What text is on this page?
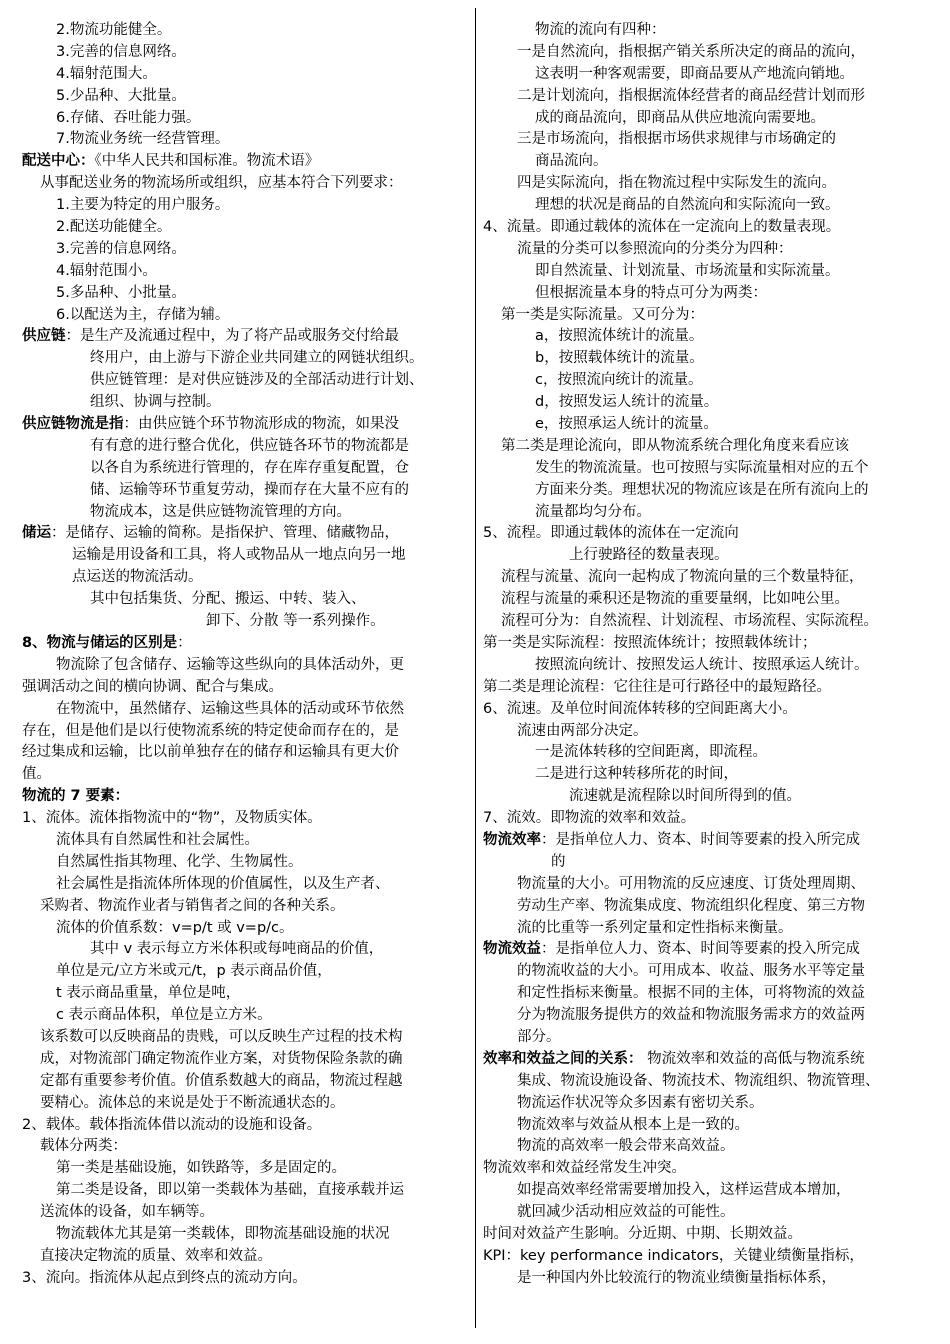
2.物流功能健全。
3.完善的信息网络。
4.辐射范围大。
5.少品种、大批量。
6.存储、吞吐能力强。
7.物流业务统一经营管理。
配送中心：《中华人民共和国标准。物流术语》
从事配送业务的物流场所或组织，应基本符合下列要求：
1.主要为特定的用户服务。
2.配送功能健全。
3.完善的信息网络。
4.辐射范围小。
5.多品种、小批量。
6.以配送为主，存储为辅。
供应链：是生产及流通过程中，为了将产品或服务交付给最
终用户，由上游与下游企业共同建立的网链状组织。
供应链管理：是对供应链涉及的全部活动进行计划、
组织、协调与控制。
供应链物流是指：由供应链个环节物流形成的物流，如果没
有有意的进行整合优化，供应链各环节的物流都是
以各自为系统进行管理的，存在库存重复配置，仓
储、运输等环节重复劳动，操而存在大量不应有的
物流成本，这是供应链物流管理的方向。
储运：是储存、运输的简称。是指保护、管理、储藏物品，
运输是用设备和工具，将人或物品从一地点向另一地
点运送的物流活动。
其中包括集货、分配、搬运、中转、装入、
卸下、分散 等一系列操作。
8、物流与储运的区别是：
物流除了包含储存、运输等这些纵向的具体活动外，更
强调活动之间的横向协调、配合与集成。
在物流中，虽然储存、运输这些具体的活动或环节依然
存在，但是他们是以行使物流系统的特定使命而存在的，是
经过集成和运输，比以前单独存在的储存和运输具有更大价
值。
物流的 7 要素：
1、流体。流体指物流中的“物”，及物质实体。
流体具有自然属性和社会属性。
自然属性指其物理、化学、生物属性。
社会属性是指流体所体现的价值属性，以及生产者、
采购者、物流作业者与销售者之间的各种关系。
流体的价值系数：v=p/t 或 v=p/c。
其中 v 表示每立方米体积或每吨商品的价值，
单位是元/立方米或元/t，p 表示商品价值，
t 表示商品重量，单位是吨，
c 表示商品体积，单位是立方米。
该系数可以反映商品的贵贱，可以反映生产过程的技术构
成，对物流部门确定物流作业方案，对货物保险条款的确
定都有重要参考价值。价值系数越大的商品，物流过程越
要精心。流体总的来说是处于不断流通状态的。
2、载体。载体指流体借以流动的设施和设备。
载体分两类：
第一类是基础设施，如铁路等，多是固定的。
第二类是设备，即以第一类载体为基础，直接承载并运
送流体的设备，如车辆等。
物流载体尤其是第一类载体，即物流基础设施的状况
直接决定物流的质量、效率和效益。
3、流向。指流体从起点到终点的流动方向。
物流的流向有四种：
一是自然流向，指根据产销关系所决定的商品的流向，
这表明一种客观需要，即商品要从产地流向销地。
二是计划流向，指根据流体经营者的商品经营计划而形
成的商品流向，即商品从供应地流向需要地。
三是市场流向，指根据市场供求规律与市场确定的
商品流向。
四是实际流向，指在物流过程中实际发生的流向。
理想的状况是商品的自然流向和实际流向一致。
4、流量。即通过载体的流体在一定流向上的数量表现。
流量的分类可以参照流向的分类分为四种：
即自然流量、计划流量、市场流量和实际流量。
但根据流量本身的特点可分为两类：
第一类是实际流量。又可分为：
a，按照流体统计的流量。
b，按照载体统计的流量。
c，按照流向统计的流量。
d，按照发运人统计的流量。
e，按照承运人统计的流量。
第二类是理论流向，即从物流系统合理化角度来看应该
发生的物流流量。也可按照与实际流量相对应的五个
方面来分类。理想状况的物流应该是在所有流向上的
流量都均匀分布。
5、流程。即通过载体的流体在一定流向
上行驶路径的数量表现。
流程与流量、流向一起构成了物流向量的三个数量特征，
流程与流量的乘积还是物流的重要量纲，比如吨公里。
流程可分为：自然流程、计划流程、市场流程、实际流程。
第一类是实际流程：按照流体统计；按照载体统计；
按照流向统计、按照发运人统计、按照承运人统计。
第二类是理论流程：它往往是可行路径中的最短路径。
6、流速。及单位时间流体转移的空间距离大小。
流速由两部分决定。
一是流体转移的空间距离，即流程。
二是进行这种转移所花的时间，
流速就是流程除以时间所得到的值。
7、流效。即物流的效率和效益。
物流效率：是指单位人力、资本、时间等要素的投入所完成
的
物流量的大小。可用物流的反应速度、订货处理周期、
劳动生产率、物流集成度、物流组织化程度、第三方物
流的比重等一系列定量和定性指标来衡量。
物流效益：是指单位人力、资本、时间等要素的投入所完成
的物流收益的大小。可用成本、收益、服务水平等定量
和定性指标来衡量。根据不同的主体，可将物流的效益
分为物流服务提供方的效益和物流服务需求方的效益两
部分。
效率和效益之间的关系： 物流效率和效益的高低与物流系统
集成、物流设施设备、物流技术、物流组织、物流管理、
物流运作状况等众多因素有密切关系。
物流效率与效益从根本上是一致的。
物流的高效率一般会带来高效益。
物流效率和效益经常发生冲突。
如提高效率经常需要增加投入，这样运营成本增加，
就回减少活动相应效益的可能性。
时间对效益产生影响。分近期、中期、长期效益。
KPI：key performance indicators，关键业绩衡量指标，
是一种国内外比较流行的物流业绩衡量指标体系，
